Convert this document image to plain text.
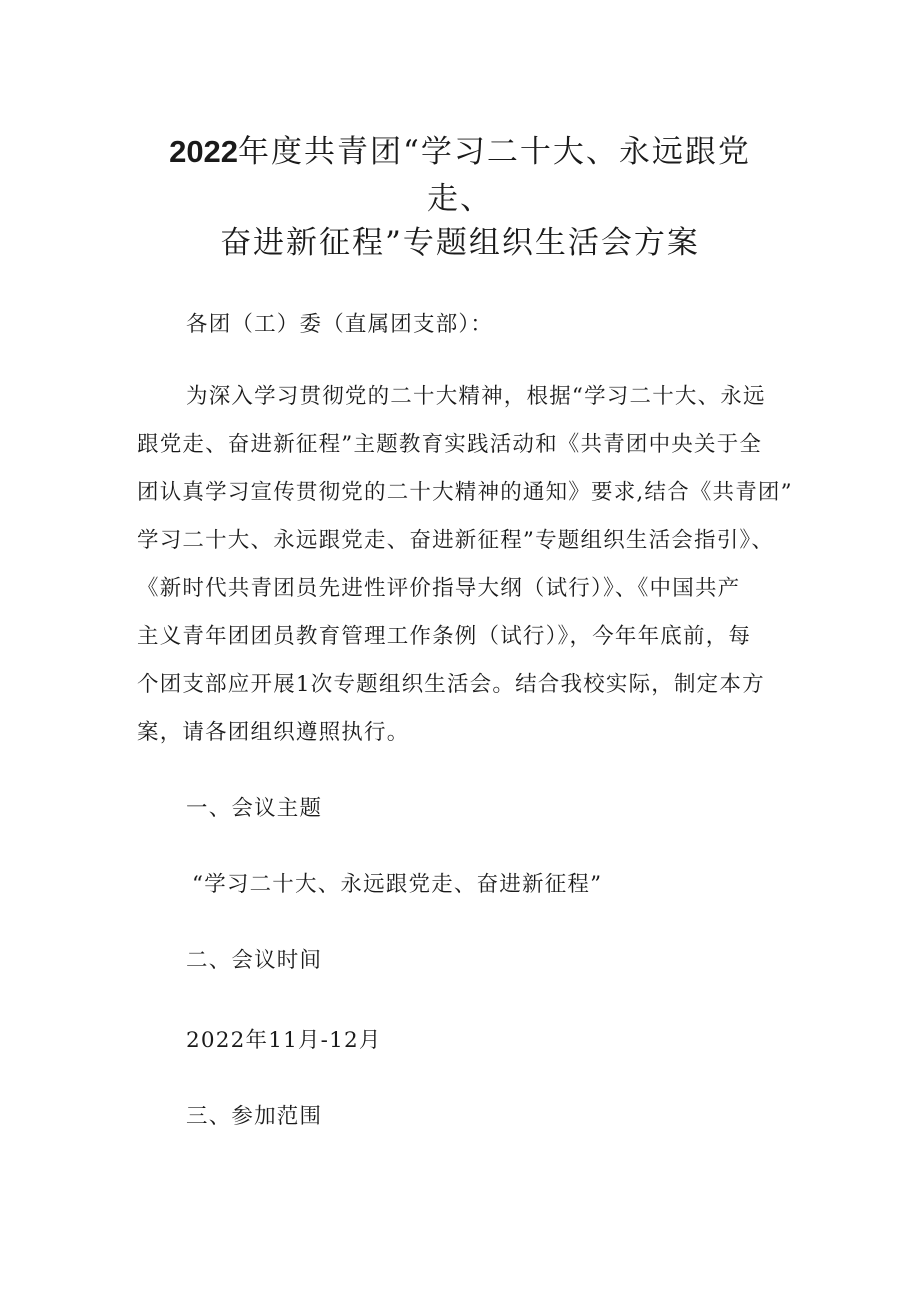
2022年度共青团“学习二十大、永远跟党
走、
奋进新征程”专题组织生活会方案
各团（工）委（直属团支部）：
为深入学习贯彻党的二十大精神，根据“学习二十大、永远
跟党走、奋进新征程”主题教育实践活动和《共青团中央关于全
团认真学习宣传贯彻党的二十大精神的通知》要求,结合《共青团”
学习二十大、永远跟党走、奋进新征程”专题组织生活会指引》、
《新时代共青团员先进性评价指导大纲（试行）》、《中国共产
主义青年团团员教育管理工作条例（试行）》，今年年底前，每
个团支部应开展1次专题组织生活会。结合我校实际，制定本方
案，请各团组织遵照执行。
一、会议主题
“学习二十大、永远跟党走、奋进新征程”
二、会议时间
2022年11月-12月
三、参加范围
